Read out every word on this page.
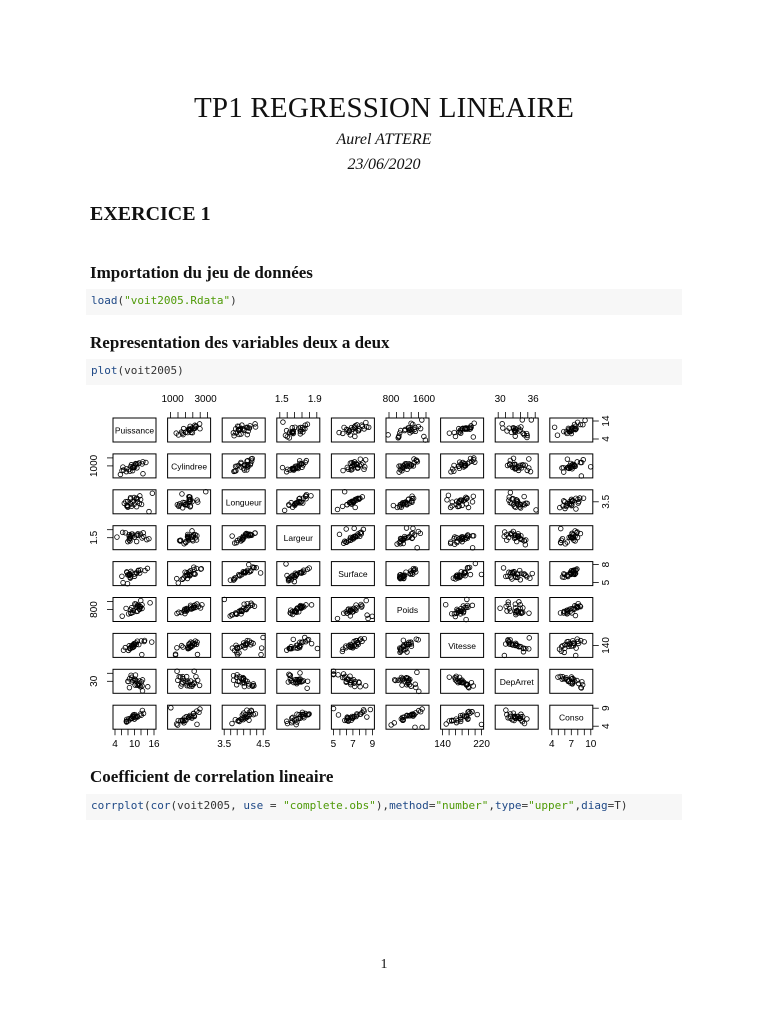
TP1 REGRESSION LINEAIRE
Aurel ATTERE
23/06/2020
EXERCICE 1
Importation du jeu de données
load("voit2005.Rdata")
Representation des variables deux a deux
plot(voit2005)
Puissance
Cylindree
Longueur
Largeur
Surface
Poids
Vitesse
DepArret
Conso
1000 3000	1.5 1.9	800 1600	30 36
4 10 16	3.5	4.5	5 7 9	140 220	4 7 10
1000
1.5
800
30
4
14
3.5
5
8
140
4
9
Coefficient de correlation lineaire
corrplot(cor(voit2005, use = "complete.obs"),method="number",type="upper",diag=T)
1
